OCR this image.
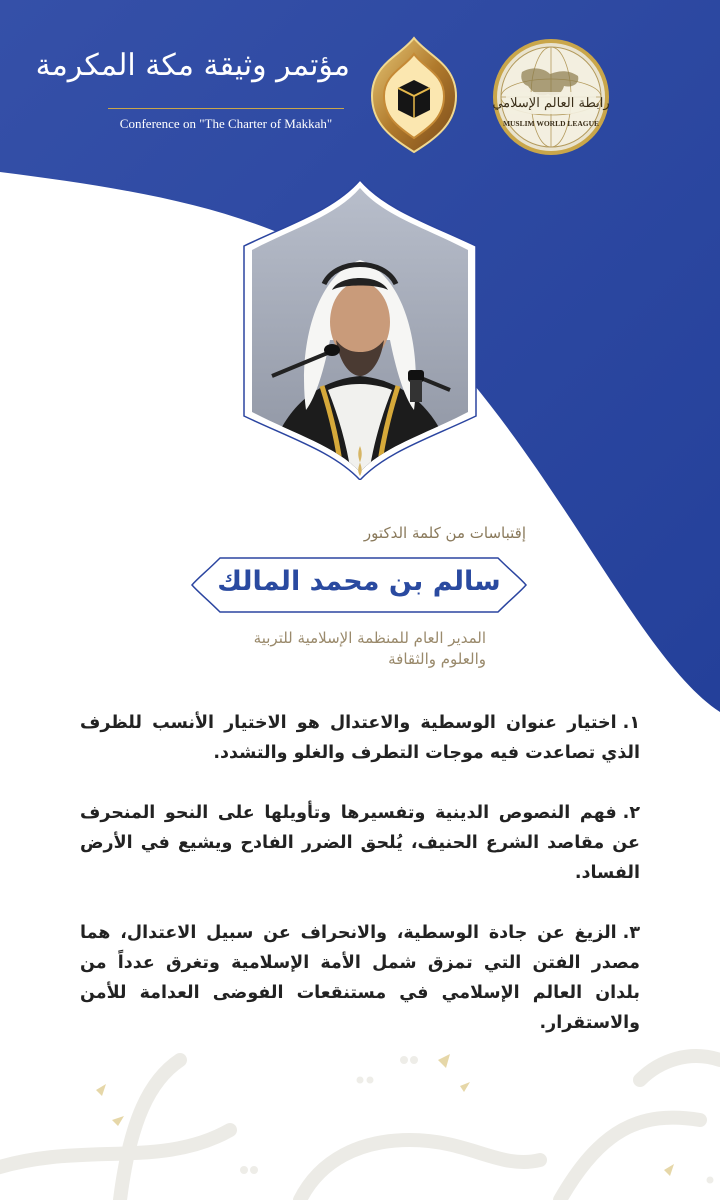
مؤتمر وثيقة مكة المكرمة
Conference on "The Charter of Makkah"
رابطة العالم الإسلامي
MUSLIM WORLD LEAGUE
إقتباسات من كلمة الدكتور
سالم بن محمد المالك
المدير العام للمنظمة الإسلامية للتربية
والعلوم والثقافة

١.اختيار عنوان الوسطية والاعتدال هو الاختيار الأنسب للظرف الذي تصاعدت فيه موجات التطرف والغلو والتشدد.

٢.فهم النصوص الدينية وتفسيرها وتأويلها على النحو المنحرف عن مقاصد الشرع الحنيف، يُلحق الضرر الفادح ويشيع في الأرض الفساد.

٣.الزيغ عن جادة الوسطية، والانحراف عن سبيل الاعتدال، هما مصدر الفتن التي تمزق شمل الأمة الإسلامية وتغرق عدداً من بلدان العالم الإسلامي في مستنقعات الفوضى العدامة للأمن والاستقرار.
